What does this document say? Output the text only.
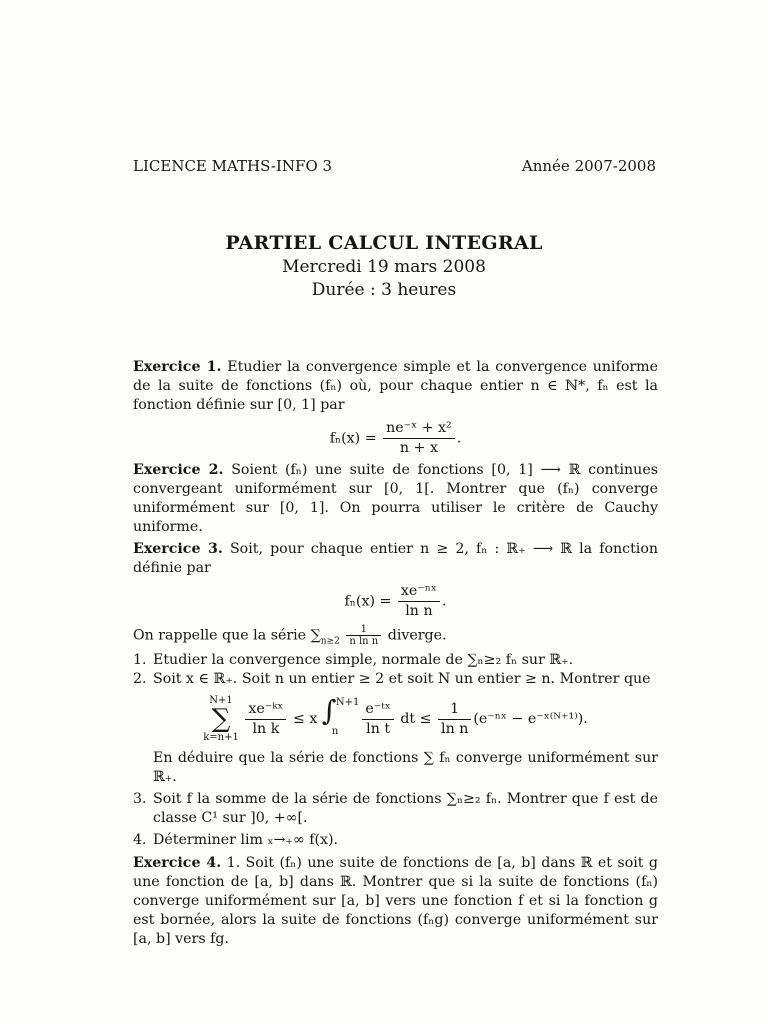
LICENCE MATHS-INFO 3	Année 2007-2008
PARTIEL CALCUL INTEGRAL
Mercredi 19 mars 2008
Durée : 3 heures

Exercice 1. Etudier la convergence simple et la convergence uniforme de la suite de fonctions (fₙ) où, pour chaque entier n ∈ ℕ*, fₙ est la fonction définie sur [0, 1] par

$f_n(x) = \frac{\text{ne⁻ˣ + x²}}{n + x}$ .

Exercice 2. Soient (fₙ) une suite de fonctions [0, 1] ⟶ ℝ continues convergeant uniformément sur [0, 1[. Montrer que (fₙ) converge uniformément sur [0, 1]. On pourra utiliser le critère de Cauchy uniforme.

Exercice 3. Soit, pour chaque entier n ≥ 2, fₙ : ℝ₊ ⟶ ℝ la fonction définie par

$f_n(x) = \frac{\text{xe⁻ⁿˣ}}{\text{ln n}}$ .

On rappelle que la série $\sum_{n\ge 2} \frac{1}{\text{n ln n}}$ diverge.

1. Etudier la convergence simple, normale de ∑ₙ≥₂ fₙ sur ℝ₊.
2. Soit x ∈ ℝ₊. Soit n un entier ≥ 2 et soit N un entier ≥ n. Montrer que
N+1
∑
k=n+1
$\frac{\text{xe⁻ᵏˣ}}{\text{ln k}} \le x$ ∫ N+1
n
$\frac{\text{e⁻ᵗˣ}}{\text{ln t}}$ dt ≤ $\frac{1}{\text{ln n}}$ (e⁻ⁿˣ − e⁻ˣ⁽ᴺ⁺¹⁾).

En déduire que la série de fonctions ∑ fₙ converge uniformément sur ℝ₊.

3. Soit f la somme de la série de fonctions ∑ₙ≥₂ fₙ. Montrer que f est de classe C¹ sur ]0, +∞[.
4. Déterminer lim ₓ→₊∞ f(x).

Exercice 4. 1. Soit (fₙ) une suite de fonctions de [a, b] dans ℝ et soit g une fonction de [a, b] dans ℝ. Montrer que si la suite de fonctions (fₙ) converge uniformément sur [a, b] vers une fonction f et si la fonction g est bornée, alors la suite de fonctions (fₙg) converge uniformément sur [a, b] vers fg.
